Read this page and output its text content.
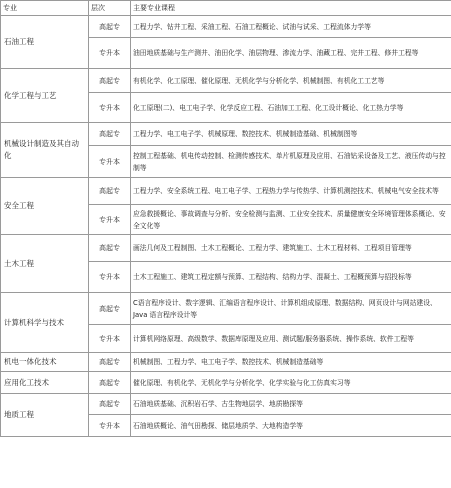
专业	层次	主要专业课程
石油工程	高起专	工程力学、钻井工程、采油工程、石油工程概论、试油与试采、工程流体力学等
	专升本	油田地质基础与生产测井、油田化学、油层物理、渗流力学、油藏工程、完井工程、修井工程等
化学工程与工艺	高起专	有机化学、化工原理、催化原理、无机化学与分析化学、机械制图、有机化工工艺等
	专升本	化工原理(二)、电工电子学、化学反应工程、石油加工工程、化工设计概论、化工热力学等
机械设计制造及其自动化	高起专	工程力学、电工电子学、机械原理、数控技术、机械制造基础、机械制图等
	专升本	控制工程基础、机电传动控制、检测传感技术、单片机原理及应用、石油钻采设备及工艺、液压传动与控制等
安全工程	高起专	工程力学、安全系统工程、电工电子学、工程热力学与传热学、计算机测控技术、机械电气安全技术等
	专升本	应急救援概论、事故调查与分析、安全检测与监测、工业安全技术、质量健康安全环境管理体系概论、安全文化等
土木工程	高起专	画法几何及工程制图、土木工程概论、工程力学、建筑施工、土木工程材料、工程项目管理等
	专升本	土木工程施工、建筑工程定额与预算、工程结构、结构力学、混凝土、工程概预算与招投标等
计算机科学与技术	高起专	C语言程序设计、数字逻辑、汇编语言程序设计、计算机组成原理、数据结构、网页设计与网站建设、Java 语言程序设计等
	专升本	计算机网络原理、高级数学、数据库原理及应用、测试题/服务器系统、操作系统、软件工程等
机电一体化技术	高起专	机械制图、工程力学、电工电子学、数控技术、机械制造基础等
应用化工技术	高起专	催化原理、有机化学、无机化学与分析化学、化学实验与化工仿真实习等
地质工程	高起专	石油地质基础、沉积岩石学、古生物地层学、地质勘探等
	专升本	石油地质概论、油气田勘探、储层地质学、大地构造学等
